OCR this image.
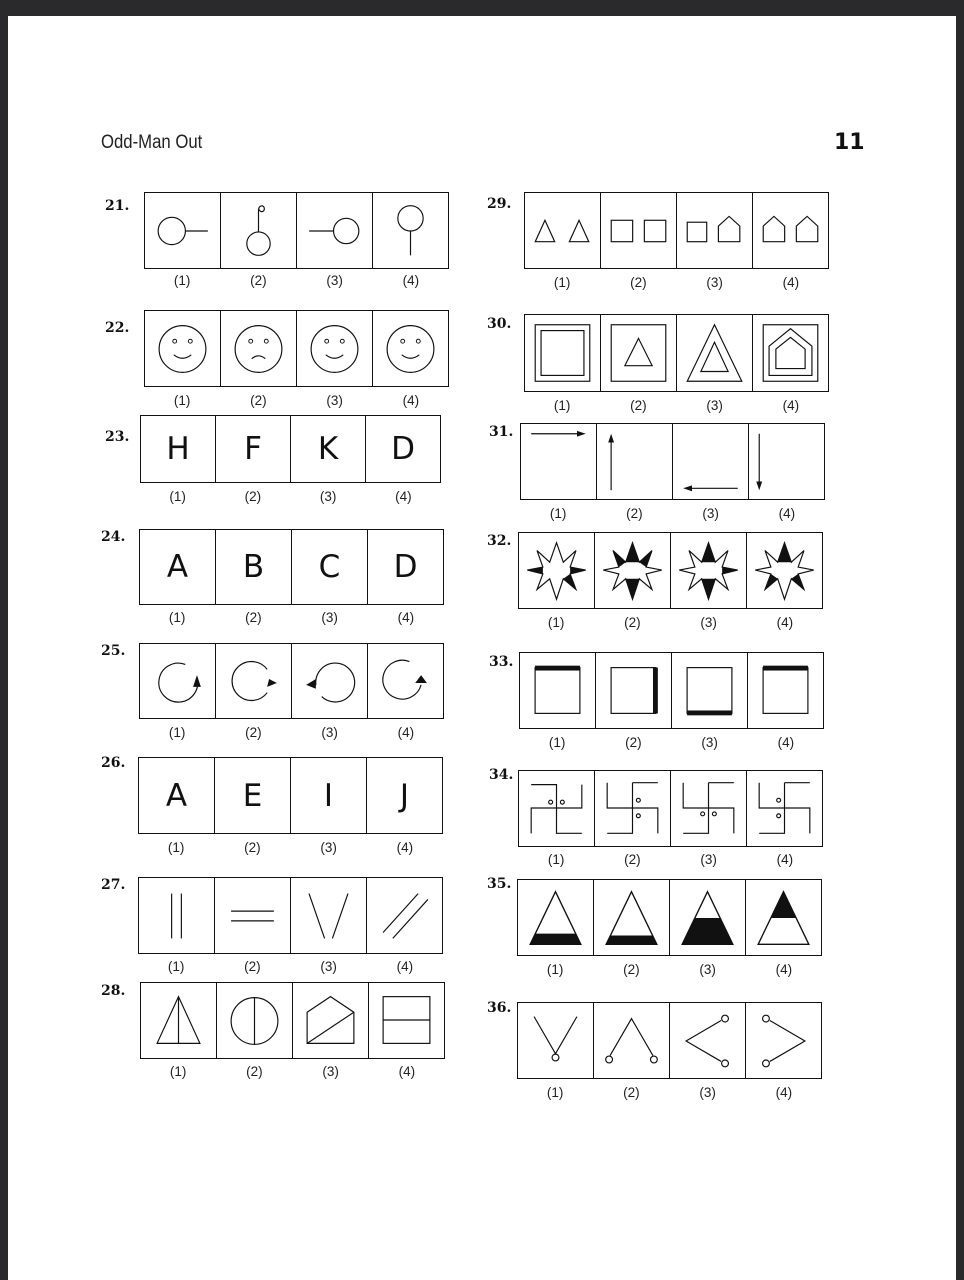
Odd-Man Out	11
21.
(1)	(2)	(3)	(4)
22.
(1)	(2)	(3)	(4)
23.	H	F	K	D
(1)	(2)	(3)	(4)
24.
A	B	C	D
(1)	(2)	(3)	(4)
25.
(1)	(2)	(3)	(4)
26.
A	E	I	J
(1)	(2)	(3)	(4)
27.
(1)	(2)	(3)	(4)
28.
(1)	(2)	(3)	(4)
29.
(1)	(2)	(3)	(4)
30.
(1)	(2)	(3)	(4)
31.
(1)	(2)	(3)	(4)
32.
(1)	(2)	(3)	(4)
33.
(1)	(2)	(3)	(4)
34.
(1)	(2)	(3)	(4)
35.
(1)	(2)	(3)	(4)
36.
(1)	(2)	(3)	(4)
